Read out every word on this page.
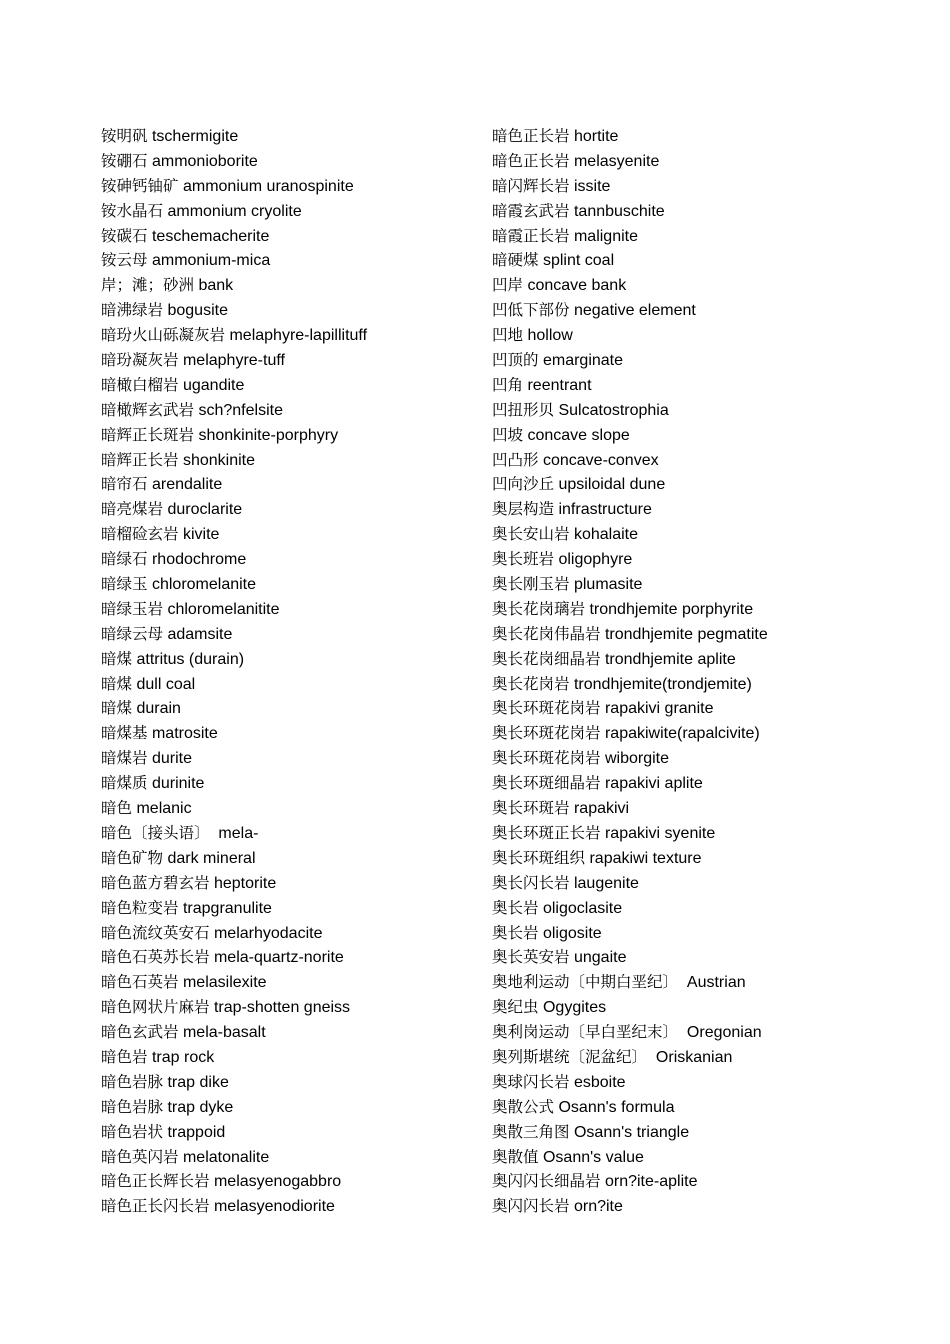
铵明矾 tschermigite
铵硼石 ammonioborite
铵砷钙铀矿 ammonium uranospinite
铵水晶石 ammonium cryolite
铵碳石 teschemacherite
铵云母 ammonium-mica
岸；滩；砂洲 bank
暗沸绿岩 bogusite
暗玢火山砾凝灰岩 melaphyre-lapillituff
暗玢凝灰岩 melaphyre-tuff
暗橄白榴岩 ugandite
暗橄辉玄武岩 sch?nfelsite
暗辉正长斑岩 shonkinite-porphyry
暗辉正长岩 shonkinite
暗帘石 arendalite
暗亮煤岩 duroclarite
暗榴硷玄岩 kivite
暗绿石 rhodochrome
暗绿玉 chloromelanite
暗绿玉岩 chloromelanitite
暗绿云母 adamsite
暗煤 attritus (durain)
暗煤 dull coal
暗煤 durain
暗煤基 matrosite
暗煤岩 durite
暗煤质 durinite
暗色 melanic
暗色〔接头语〕  mela-
暗色矿物 dark mineral
暗色蓝方碧玄岩 heptorite
暗色粒变岩 trapgranulite
暗色流纹英安石 melarhyodacite
暗色石英苏长岩 mela-quartz-norite
暗色石英岩 melasilexite
暗色网状片麻岩 trap-shotten gneiss
暗色玄武岩 mela-basalt
暗色岩 trap rock
暗色岩脉 trap dike
暗色岩脉 trap dyke
暗色岩状 trappoid
暗色英闪岩 melatonalite
暗色正长辉长岩 melasyenogabbro
暗色正长闪长岩 melasyenodiorite
暗色正长岩 hortite
暗色正长岩 melasyenite
暗闪辉长岩 issite
暗霞玄武岩 tannbuschite
暗霞正长岩 malignite
暗硬煤 splint coal
凹岸 concave bank
凹低下部份 negative element
凹地 hollow
凹顶的 emarginate
凹角 reentrant
凹扭形贝 Sulcatostrophia
凹坡 concave slope
凹凸形 concave-convex
凹向沙丘 upsiloidal dune
奥层构造 infrastructure
奥长安山岩 kohalaite
奥长班岩 oligophyre
奥长刚玉岩 plumasite
奥长花岗璃岩 trondhjemite porphyrite
奥长花岗伟晶岩 trondhjemite pegmatite
奥长花岗细晶岩 trondhjemite aplite
奥长花岗岩 trondhjemite(trondjemite)
奥长环斑花岗岩 rapakivi granite
奥长环斑花岗岩 rapakiwite(rapalcivite)
奥长环斑花岗岩 wiborgite
奥长环斑细晶岩 rapakivi aplite
奥长环斑岩 rapakivi
奥长环斑正长岩 rapakivi syenite
奥长环斑组织 rapakiwi texture
奥长闪长岩 laugenite
奥长岩 oligoclasite
奥长岩 oligosite
奥长英安岩 ungaite
奥地利运动〔中期白垩纪〕  Austrian
奥纪虫 Ogygites
奥利岗运动〔早白垩纪末〕  Oregonian
奥列斯堪统〔泥盆纪〕  Oriskanian
奥球闪长岩 esboite
奥散公式 Osann's formula
奥散三角图 Osann's triangle
奥散值 Osann's value
奥闪闪长细晶岩 orn?ite-aplite
奥闪闪长岩 orn?ite
